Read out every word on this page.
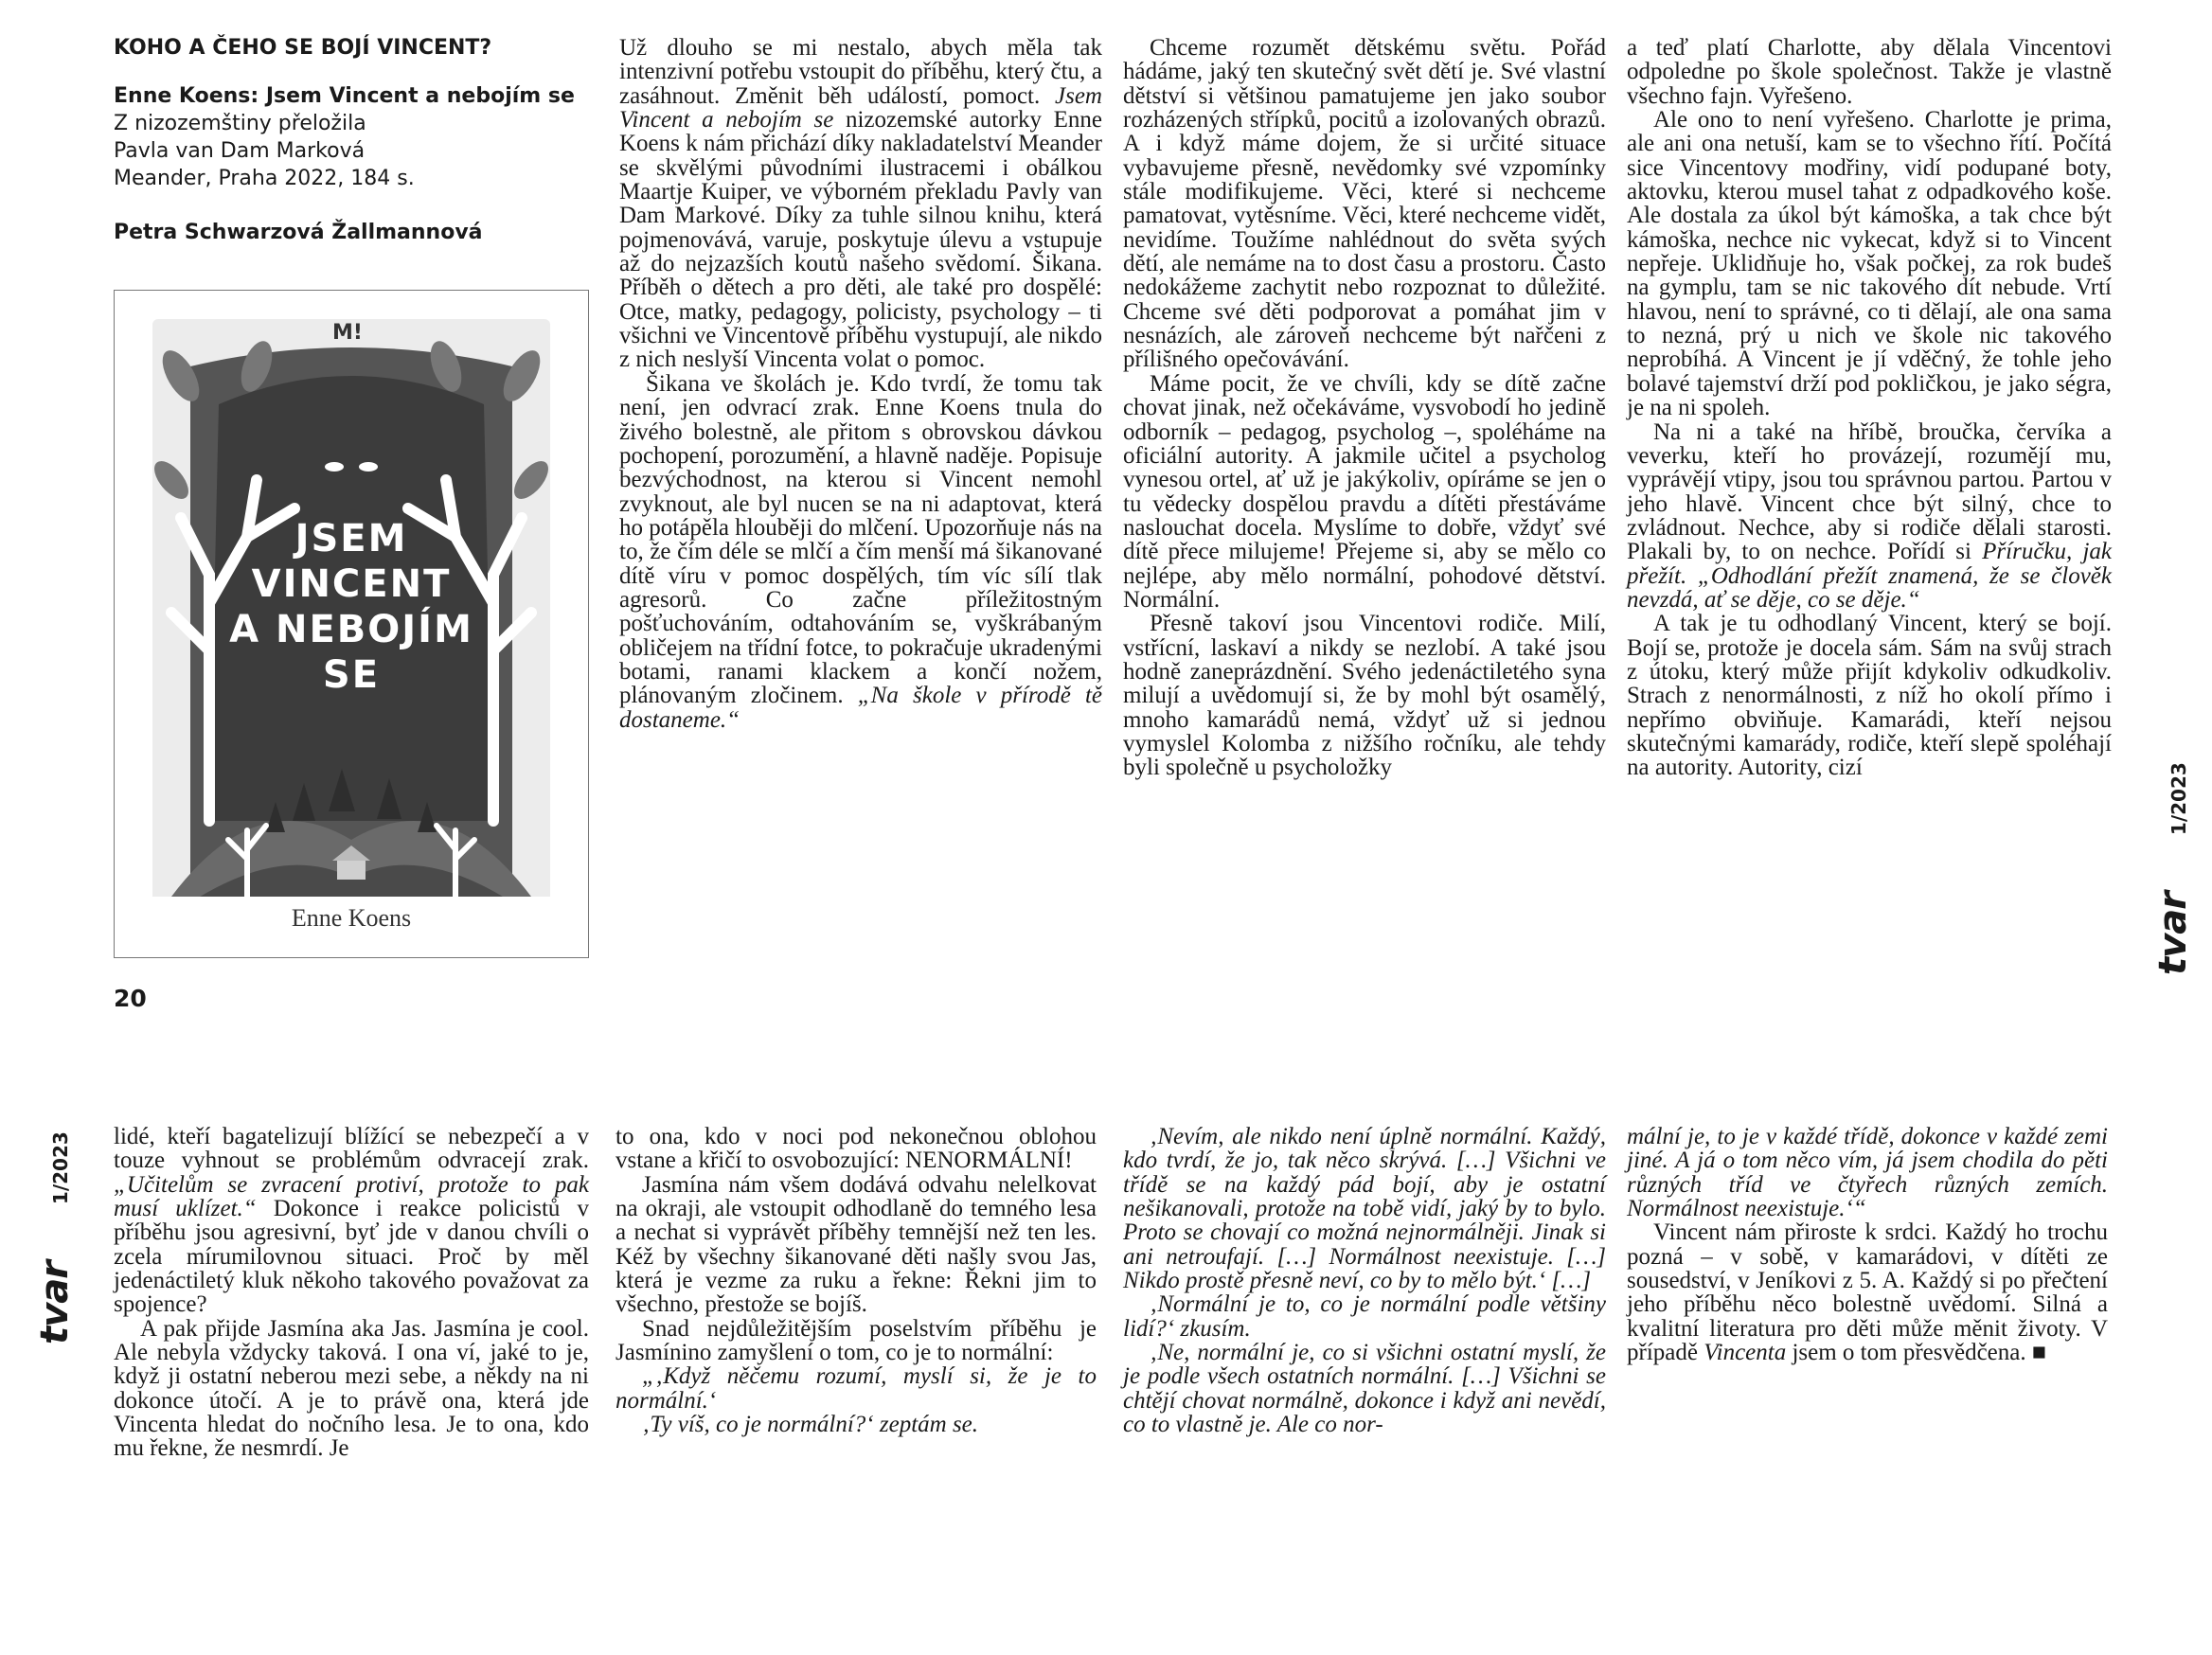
KOHO A ČEHO SE BOJÍ VINCENT?
Enne Koens: Jsem Vincent a nebojím se
Z nizozemštiny přeložila
Pavla van Dam Marková
Meander, Praha 2022, 184 s.
Petra Schwarzová Žallmannová
M!
JSEM
VINCENT
A NEBOJÍM
SE
Enne Koens
20
tvar
1/2023
tvar
1/2023

Už dlouho se mi nestalo, abych měla tak intenzivní potřebu vstoupit do příběhu, který čtu, a zasáhnout. Změnit běh událostí, pomoct. Jsem Vincent a nebojím se nizozemské autorky Enne Koens k nám přichází díky nakladatelství Meander se skvělými původními ilustracemi i obálkou Maartje Kuiper, ve výborném překladu Pavly van Dam Markové. Díky za tuhle silnou knihu, která pojmenovává, varuje, poskytuje úlevu a vstupuje až do nejzazších koutů našeho svědomí. Šikana. Příběh o dětech a pro děti, ale také pro dospělé: Otce, matky, pedagogy, policisty, psychology – ti všichni ve Vincentově příběhu vystupují, ale nikdo z nich neslyší Vincenta volat o pomoc.

Šikana ve školách je. Kdo tvrdí, že tomu tak není, jen odvrací zrak. Enne Koens tnula do živého bolestně, ale přitom s obrovskou dávkou pochopení, porozumění, a hlavně naděje. Popisuje bezvýchodnost, na kterou si Vincent nemohl zvyknout, ale byl nucen se na ni adaptovat, která ho potápěla hlouběji do mlčení. Upozorňuje nás na to, že čím déle se mlčí a čím menší má šikanované dítě víru v pomoc dospělých, tím víc sílí tlak agresorů. Co začne příležitostným pošťuchováním, odtahováním se, vyškrábaným obličejem na třídní fotce, to pokračuje ukradenými botami, ranami klackem a končí nožem, plánovaným zločinem. „Na škole v přírodě tě dostaneme.“

Chceme rozumět dětskému světu. Pořád hádáme, jaký ten skutečný svět dětí je. Své vlastní dětství si většinou pamatujeme jen jako soubor rozházených střípků, pocitů a izolovaných obrazů. A i když máme dojem, že si určité situace vybavujeme přesně, nevědomky své vzpomínky stále modifikujeme. Věci, které si nechceme pamatovat, vytěsníme. Věci, které nechceme vidět, nevidíme. Toužíme nahlédnout do světa svých dětí, ale nemáme na to dost času a prostoru. Často nedokážeme zachytit nebo rozpoznat to důležité. Chceme své děti podporovat a pomáhat jim v nesnázích, ale zároveň nechceme být nařčeni z přílišného opečovávání.

Máme pocit, že ve chvíli, kdy se dítě začne chovat jinak, než očekáváme, vysvobodí ho jedině odborník – pedagog, psycholog –, spoléháme na oficiální autority. A jakmile učitel a psycholog vynesou ortel, ať už je jakýkoliv, opíráme se jen o tu vědecky dospělou pravdu a dítěti přestáváme naslouchat docela. Myslíme to dobře, vždyť své dítě přece milujeme! Přejeme si, aby se mělo co nejlépe, aby mělo normální, pohodové dětství. Normální.

Přesně takoví jsou Vincentovi rodiče. Milí, vstřícní, laskaví a nikdy se nezlobí. A také jsou hodně zaneprázdnění. Svého jedenáctiletého syna milují a uvědomují si, že by mohl být osamělý, mnoho kamarádů nemá, vždyť už si jednou vymyslel Kolomba z nižšího ročníku, ale tehdy byli společně u psycholožky

a teď platí Charlotte, aby dělala Vincentovi odpoledne po škole společnost. Takže je vlastně všechno fajn. Vyřešeno.

Ale ono to není vyřešeno. Charlotte je prima, ale ani ona netuší, kam se to všechno řítí. Počítá sice Vincentovy modřiny, vidí podupané boty, aktovku, kterou musel tahat z odpadkového koše. Ale dostala za úkol být kámoška, a tak chce být kámoška, nechce nic vykecat, když si to Vincent nepřeje. Uklidňuje ho, však počkej, za rok budeš na gymplu, tam se nic takového dít nebude. Vrtí hlavou, není to správné, co ti dělají, ale ona sama to nezná, prý u nich ve škole nic takového neprobíhá. A Vincent je jí vděčný, že tohle jeho bolavé tajemství drží pod pokličkou, je jako ségra, je na ni spoleh.

Na ni a také na hříbě, broučka, červíka a veverku, kteří ho provázejí, rozumějí mu, vyprávějí vtipy, jsou tou správnou partou. Partou v jeho hlavě. Vincent chce být silný, chce to zvládnout. Nechce, aby si rodiče dělali starosti. Plakali by, to on nechce. Pořídí si Příručku, jak přežít. „Odhodlání přežít znamená, že se člověk nevzdá, ať se děje, co se děje.“

A tak je tu odhodlaný Vincent, který se bojí. Bojí se, protože je docela sám. Sám na svůj strach z útoku, který může přijít kdykoliv odkudkoliv. Strach z nenormálnosti, z níž ho okolí přímo i nepřímo obviňuje. Kamarádi, kteří nejsou skutečnými kamarády, rodiče, kteří slepě spoléhají na autority. Autority, cizí

lidé, kteří bagatelizují blížící se nebezpečí a v touze vyhnout se problémům odvracejí zrak. „Učitelům se zvracení protiví, protože to pak musí uklízet.“ Dokonce i reakce policistů v příběhu jsou agresivní, byť jde v danou chvíli o zcela mírumilovnou situaci. Proč by měl jedenáctiletý kluk někoho takového považovat za spojence?

A pak přijde Jasmína aka Jas. Jasmína je cool. Ale nebyla vždycky taková. I ona ví, jaké to je, když ji ostatní neberou mezi sebe, a někdy na ni dokonce útočí. A je to právě ona, která jde Vincenta hledat do nočního lesa. Je to ona, kdo mu řekne, že nesmrdí. Je

to ona, kdo v noci pod nekonečnou oblohou vstane a křičí to osvobozující: NENORMÁLNÍ!

Jasmína nám všem dodává odvahu nelelkovat na okraji, ale vstoupit odhodlaně do temného lesa a nechat si vyprávět příběhy temnější než ten les. Kéž by všechny šikanované děti našly svou Jas, která je vezme za ruku a řekne: Řekni jim to všechno, přestože se bojíš.

Snad nejdůležitějším poselstvím příběhu je Jasmínino zamyšlení o tom, co je to normální:

„‚Když něčemu rozumí, myslí si, že je to normální.‘

‚Ty víš, co je normální?‘ zeptám se.

‚Nevím, ale nikdo není úplně normální. Každý, kdo tvrdí, že jo, tak něco skrývá. […] Všichni ve třídě se na každý pád bojí, aby je ostatní nešikanovali, protože na tobě vidí, jaký by to bylo. Proto se chovají co možná nejnormálněji. Jinak si ani netroufají. […] Normálnost neexistuje. […] Nikdo prostě přesně neví, co by to mělo být.‘ […]

‚Normální je to, co je normální podle většiny lidí?‘ zkusím.

‚Ne, normální je, co si všichni ostatní myslí, že je podle všech ostatních normální. […] Všichni se chtějí chovat normálně, dokonce i když ani nevědí, co to vlastně je. Ale co nor-

mální je, to je v každé třídě, dokonce v každé zemi jiné. A já o tom něco vím, já jsem chodila do pěti různých tříd ve čtyřech různých zemích. Normálnost neexistuje.‘“

Vincent nám přiroste k srdci. Každý ho trochu pozná – v sobě, v kamarádovi, v dítěti ze sousedství, v Jeníkovi z 5. A. Každý si po přečtení jeho příběhu něco bolestně uvědomí. Silná a kvalitní literatura pro děti může měnit životy. V případě Vincenta jsem o tom přesvědčena. ■
